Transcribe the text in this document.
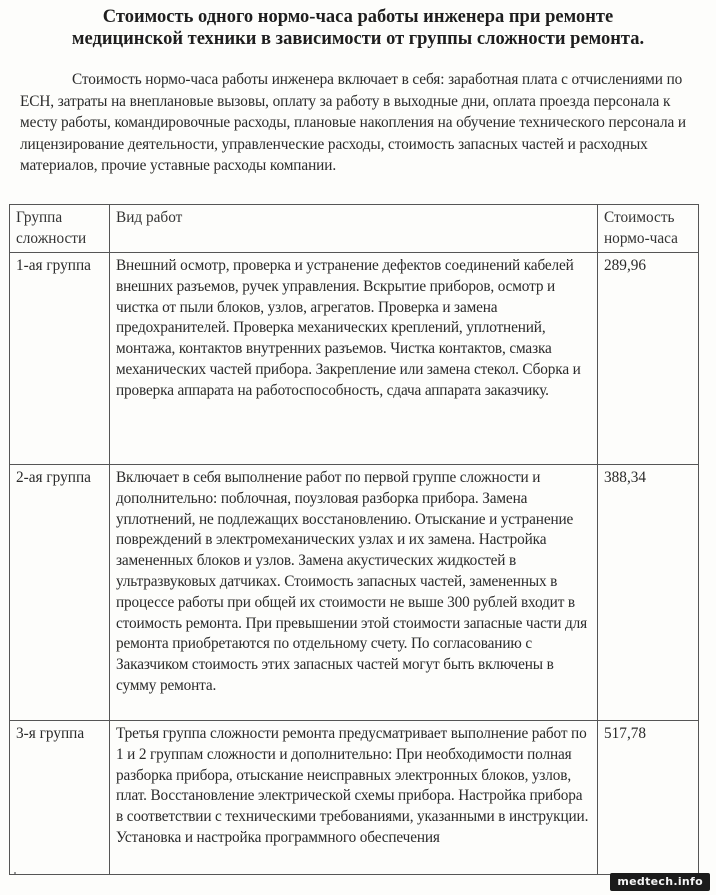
Стоимость одного нормо-часа работы инженера при ремонте
медицинской техники в зависимости от группы сложности ремонта.

Стоимость нормо-часа работы инженера включает в себя: заработная плата с отчислениями по ЕСН, затраты на внеплановые вызовы, оплату за работу в выходные дни, оплата проезда персонала к месту работы, командировочные расходы, плановые накопления на обучение технического персонала и лицензирование деятельности, управленческие расходы, стоимость запасных частей и расходных материалов, прочие уставные расходы компании.

Группа сложности	Вид работ	Стоимость нормо-часа
1-ая группа	Внешний осмотр, проверка и устранение дефектов соединений кабелей внешних разъемов, ручек управления. Вскрытие приборов, осмотр и чистка от пыли блоков, узлов, агрегатов. Проверка и замена предохранителей. Проверка механических креплений, уплотнений, монтажа, контактов внутренних разъемов. Чистка контактов, смазка механических частей прибора. Закрепление или замена стекол. Сборка и проверка аппарата на работоспособность, сдача аппарата заказчику.	289,96
2-ая группа	Включает в себя выполнение работ по первой группе сложности и дополнительно: поблочная, поузловая разборка прибора. Замена уплотнений, не подлежащих восстановлению. Отыскание и устранение повреждений в электромеханических узлах и их замена. Настройка замененных блоков и узлов. Замена акустических жидкостей в ультразвуковых датчиках. Стоимость запасных частей, замененных в процессе работы при общей их стоимости не выше 300 рублей входит в стоимость ремонта. При превышении этой стоимости запасные части для ремонта приобретаются по отдельному счету. По согласованию с Заказчиком стоимость этих запасных частей могут быть включены в сумму ремонта.	388,34
3-я группа	Третья группа сложности ремонта предусматривает выполнение работ по 1 и 2 группам сложности и дополнительно: При необходимости полная разборка прибора, отыскание неисправных электронных блоков, узлов, плат. Восстановление электрической схемы прибора. Настройка прибора в соответствии с техническими требованиями, указанными в инструкции. Установка и настройка программного обеспечения	517,78
medtech.info
